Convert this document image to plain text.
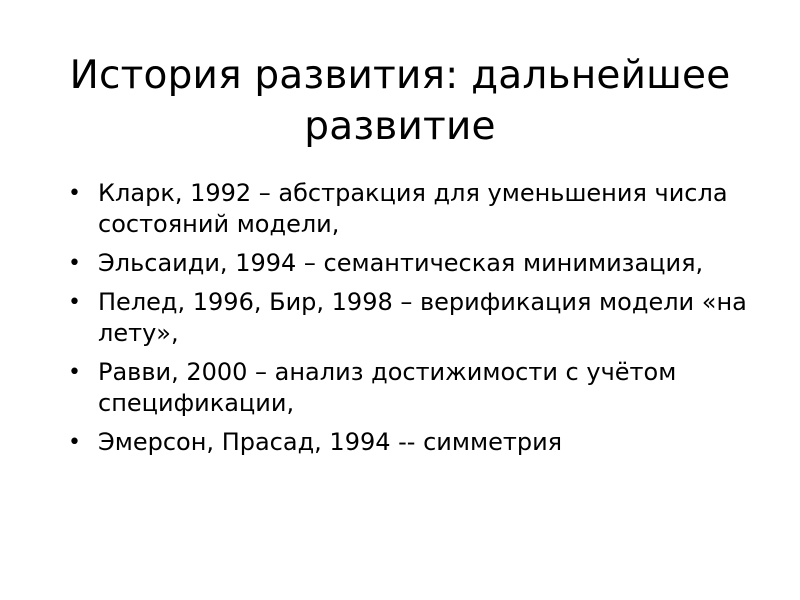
История развития: дальнейшее развитие
• Кларк, 1992 – абстракция для уменьшения числа состояний модели,
• Эльсаиди, 1994 – семантическая минимизация,
• Пелед, 1996, Бир, 1998 – верификация модели «на лету»,
• Равви, 2000 – анализ достижимости с учётом спецификации,
• Эмерсон, Прасад, 1994 -- симметрия
